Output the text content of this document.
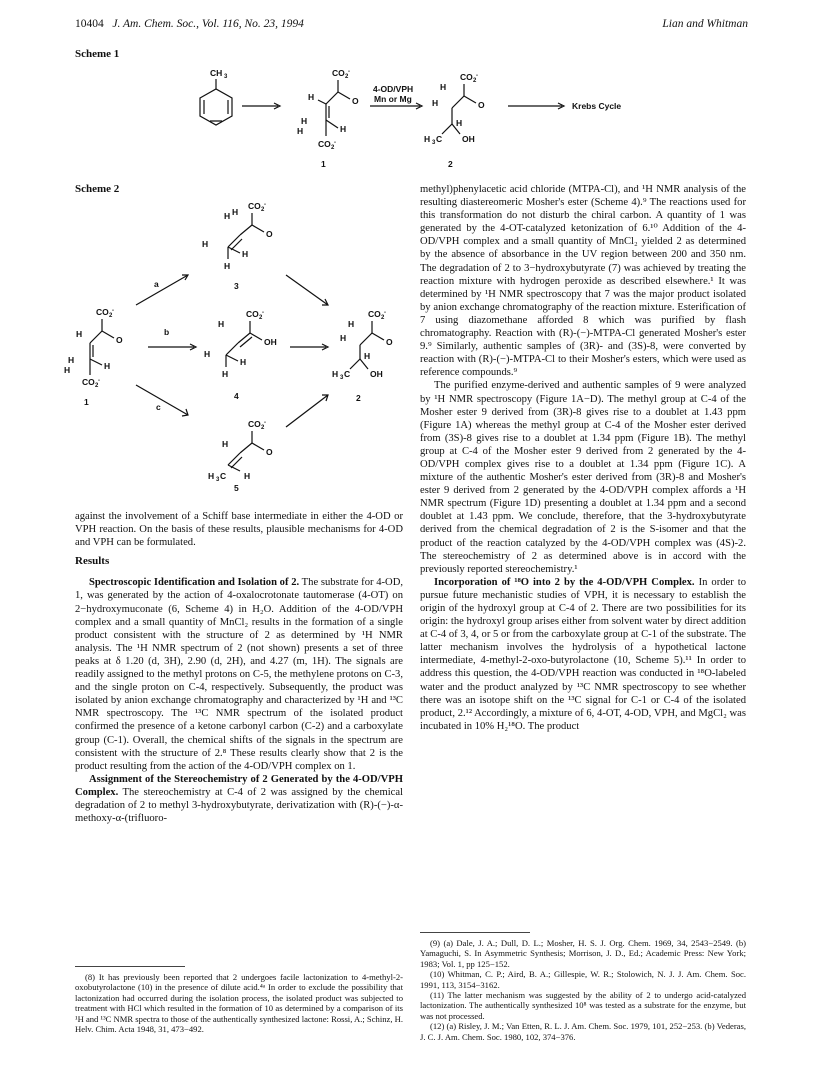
10404 J. Am. Chem. Soc., Vol. 116, No. 23, 1994	Lian and Whitman
Scheme 1
CH 3	CO 2
-
O
H
H
H	H
CO 2
-
1
4-OD/VPH
Mn or Mg
CO 2
-
O
H
H
H
H 3 C OH
2
Krebs Cycle
Scheme 2
CO 2
-
O
H H
H
H
H
3
CO 2
-
O
H
H
H	H
CO 2
-
1
a
b
c
CO 2
-
OH
H
H
H
H
4
CO 2
-
O
H
H
H
H 3 C OH
2
CO 2
-
O
H
H 3 C H
5

against the involvement of a Schiff base intermediate in either the 4-OD or VPH reaction. On the basis of these results, plausible mechanisms for 4-OD and VPH can be formulated.

Results

Spectroscopic Identification and Isolation of 2. The substrate for 4-OD, 1, was generated by the action of 4-oxalocrotonate tautomerase (4-OT) on 2−hydroxymuconate (6, Scheme 4) in H₂O. Addition of the 4-OD/VPH complex and a small quantity of MnCl₂ results in the formation of a single product consistent with the structure of 2 as determined by ¹H NMR analysis. The ¹H NMR spectrum of 2 (not shown) presents a set of three peaks at δ 1.20 (d, 3H), 2.90 (d, 2H), and 4.27 (m, 1H). The signals are readily assigned to the methyl protons on C-5, the methylene protons on C-3, and the single proton on C-4, respectively. Subsequently, the product was isolated by anion exchange chromatography and characterized by ¹H and ¹³C NMR spectroscopy. The ¹³C NMR spectrum of the isolated product confirmed the presence of a ketone carbonyl carbon (C-2) and a carboxylate group (C-1). Overall, the chemical shifts of the signals in the spectrum are consistent with the structure of 2.⁸ These results clearly show that 2 is the product resulting from the action of the 4-OD/VPH complex on 1.

Assignment of the Stereochemistry of 2 Generated by the 4-OD/VPH Complex. The stereochemistry at C-4 of 2 was assigned by the chemical degradation of 2 to methyl 3-hydroxybutyrate, derivatization with (R)-(−)-α-methoxy-α-(trifluoro-

(8) It has previously been reported that 2 undergoes facile lactonization to 4-methyl-2-oxobutyrolactone (10) in the presence of dilute acid.⁴ᵃ In order to exclude the possibility that lactonization had occurred during the isolation process, the isolated product was subjected to treatment with HCl which resulted in the formation of 10 as determined by a comparison of its ¹H and ¹³C NMR spectra to those of the authentically synthesized lactone: Rossi, A.; Schinz, H. Helv. Chim. Acta 1948, 31, 473−492.

methyl)phenylacetic acid chloride (MTPA-Cl), and ¹H NMR analysis of the resulting diastereomeric Mosher's ester (Scheme 4).⁹ The reactions used for this transformation do not disturb the chiral carbon. A quantity of 1 was generated by the 4-OT-catalyzed ketonization of 6.¹⁰ Addition of the 4-OD/VPH complex and a small quantity of MnCl₂ yielded 2 as determined by the absence of absorbance in the UV region between 200 and 350 nm. The degradation of 2 to 3−hydroxybutyrate (7) was achieved by treating the reaction mixture with hydrogen peroxide as described elsewhere.¹ It was determined by ¹H NMR spectroscopy that 7 was the major product isolated by anion exchange chromatography of the reaction mixture. Esterification of 7 using diazomethane afforded 8 which was purified by flash chromatography. Reaction with (R)-(−)-MTPA-Cl generated Mosher's ester 9.⁹ Similarly, authentic samples of (3R)- and (3S)-8, were converted by reaction with (R)-(−)-MTPA-Cl to their Mosher's esters, which were used as reference compounds.⁹

The purified enzyme-derived and authentic samples of 9 were analyzed by ¹H NMR spectroscopy (Figure 1A−D). The methyl group at C-4 of the Mosher ester 9 derived from (3R)-8 gives rise to a doublet at 1.43 ppm (Figure 1A) whereas the methyl group at C-4 of the Mosher ester derived from (3S)-8 gives rise to a doublet at 1.34 ppm (Figure 1B). The methyl group at C-4 of the Mosher ester 9 derived from 2 generated by the 4-OD/VPH complex gives rise to a doublet at 1.34 ppm (Figure 1C). A mixture of the authentic Mosher's ester derived from (3R)-8 and Mosher's ester 9 derived from 2 generated by the 4-OD/VPH complex affords a ¹H NMR spectrum (Figure 1D) presenting a doublet at 1.34 ppm and a second doublet at 1.43 ppm. We conclude, therefore, that the 3-hydroxybutyrate derived from the chemical degradation of 2 is the S-isomer and that the product of the reaction catalyzed by the 4-OD/VPH complex was (4S)-2. The stereochemistry of 2 as determined above is in accord with the previously reported stereochemistry.¹

Incorporation of ¹⁸O into 2 by the 4-OD/VPH Complex. In order to pursue future mechanistic studies of VPH, it is necessary to establish the origin of the hydroxyl group at C-4 of 2. There are two possibilities for its origin: the hydroxyl group arises either from solvent water by direct addition at C-4 of 3, 4, or 5 or from the carboxylate group at C-1 of the substrate. The latter mechanism involves the hydrolysis of a hypothetical lactone intermediate, 4-methyl-2-oxo-butyrolactone (10, Scheme 5).¹¹ In order to address this question, the 4-OD/VPH reaction was conducted in ¹⁸O-labeled water and the product analyzed by ¹³C NMR spectroscopy to see whether there was an isotope shift on the ¹³C signal for C-1 or C-4 of the isolated product, 2.¹² Accordingly, a mixture of 6, 4-OT, 4-OD, VPH, and MgCl₂ was incubated in 10% H₂¹⁸O. The product

(9) (a) Dale, J. A.; Dull, D. L.; Mosher, H. S. J. Org. Chem. 1969, 34, 2543−2549. (b) Yamaguchi, S. In Asymmetric Synthesis; Morrison, J. D., Ed.; Academic Press: New York; 1983; Vol. 1, pp 125−152.

(10) Whitman, C. P.; Aird, B. A.; Gillespie, W. R.; Stolowich, N. J. J. Am. Chem. Soc. 1991, 113, 3154−3162.

(11) The latter mechanism was suggested by the ability of 2 to undergo acid-catalyzed lactonization. The authentically synthesized 10⁸ was tested as a substrate for the enzyme, but was not processed.

(12) (a) Risley, J. M.; Van Etten, R. L. J. Am. Chem. Soc. 1979, 101, 252−253. (b) Vederas, J. C. J. Am. Chem. Soc. 1980, 102, 374−376.
